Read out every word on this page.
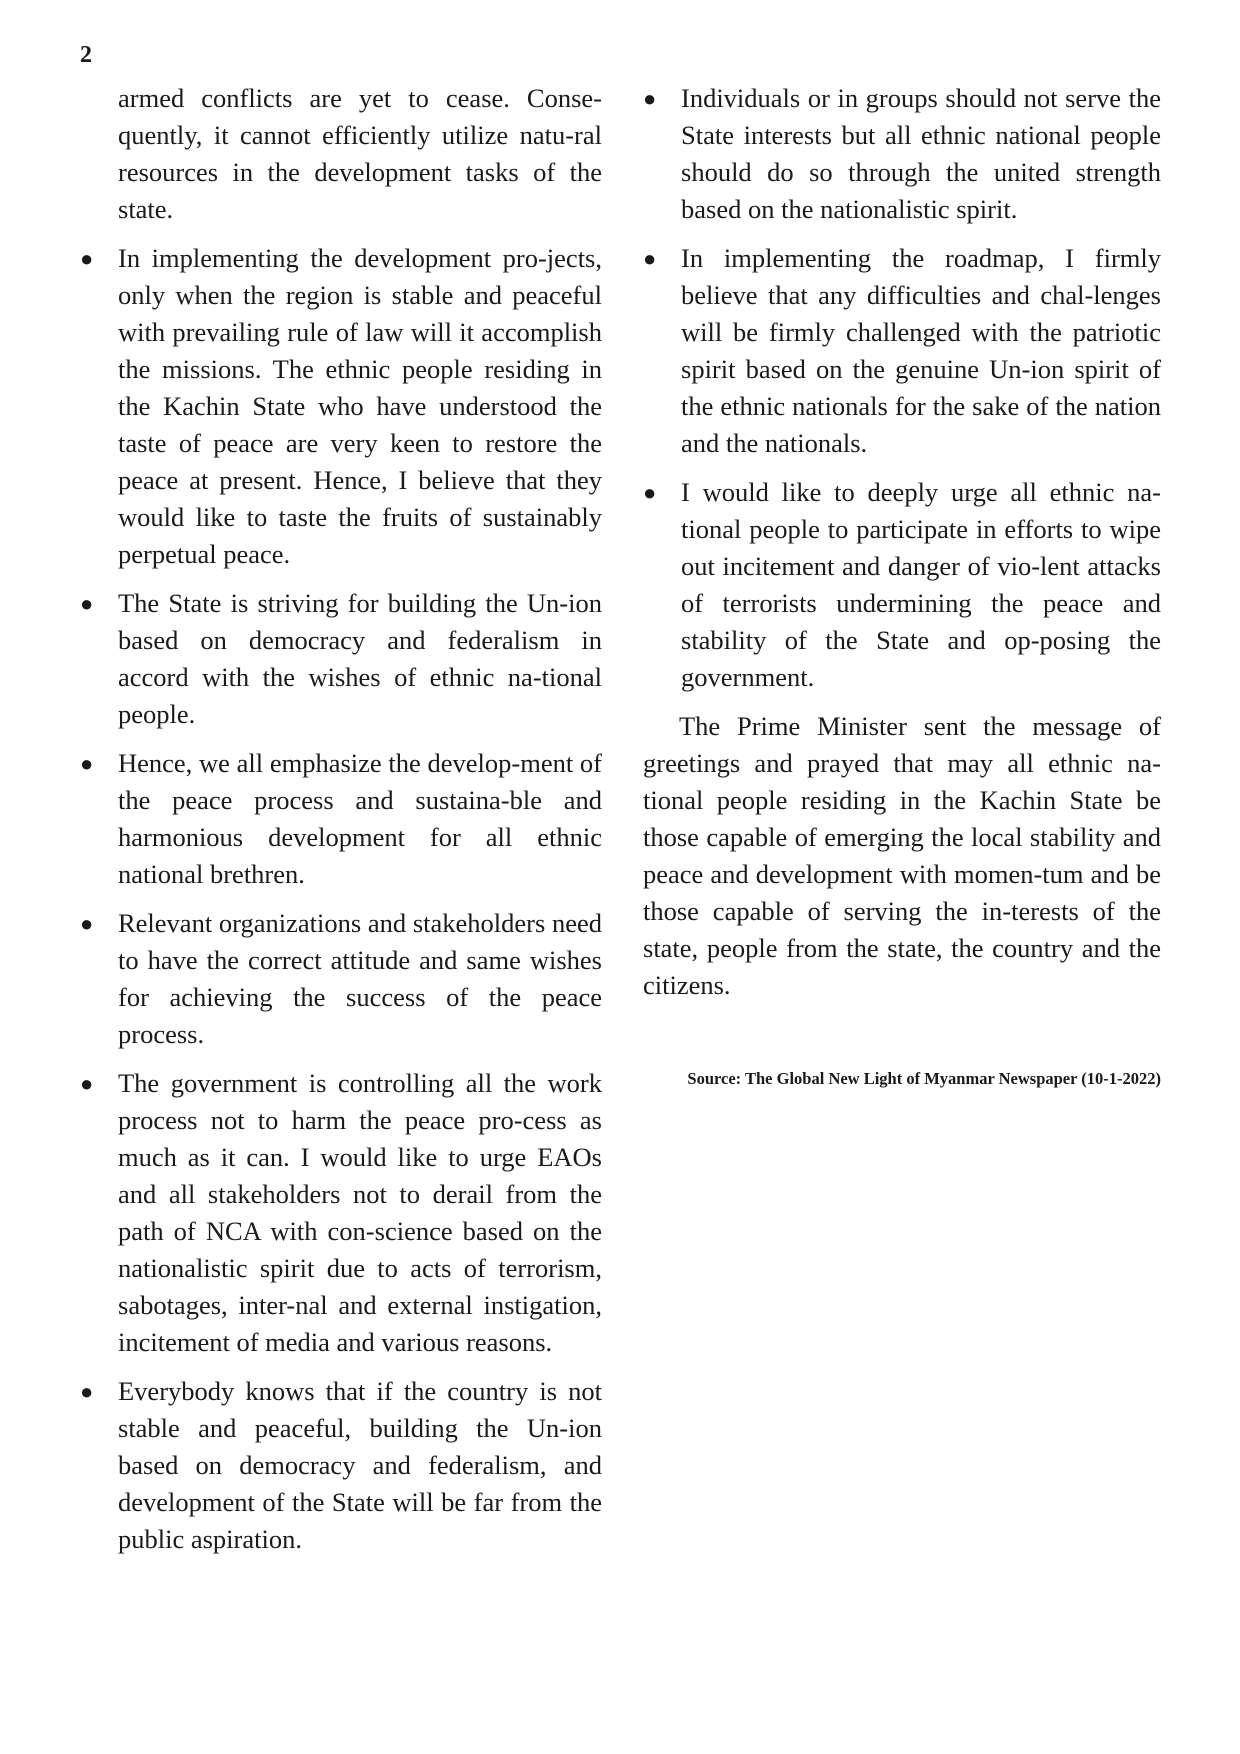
2

armed conflicts are yet to cease. Conse-quently, it cannot efficiently utilize natu-ral resources in the development tasks of the state.

● In implementing the development pro-jects, only when the region is stable and peaceful with prevailing rule of law will it accomplish the missions. The ethnic people residing in the Kachin State who have understood the taste of peace are very keen to restore the peace at present. Hence, I believe that they would like to taste the fruits of sustainably perpetual peace.
● The State is striving for building the Un-ion based on democracy and federalism in accord with the wishes of ethnic na-tional people.
● Hence, we all emphasize the develop-ment of the peace process and sustaina-ble and harmonious development for all ethnic national brethren.
● Relevant organizations and stakeholders need to have the correct attitude and same wishes for achieving the success of the peace process.
● The government is controlling all the work process not to harm the peace pro-cess as much as it can. I would like to urge EAOs and all stakeholders not to derail from the path of NCA with con-science based on the nationalistic spirit due to acts of terrorism, sabotages, inter-nal and external instigation, incitement of media and various reasons.
● Everybody knows that if the country is not stable and peaceful, building the Un-ion based on democracy and federalism, and development of the State will be far from the public aspiration.
● Individuals or in groups should not serve the State interests but all ethnic national people should do so through the united strength based on the nationalistic spirit.
● In implementing the roadmap, I firmly believe that any difficulties and chal-lenges will be firmly challenged with the patriotic spirit based on the genuine Un-ion spirit of the ethnic nationals for the sake of the nation and the nationals.
● I would like to deeply urge all ethnic na-tional people to participate in efforts to wipe out incitement and danger of vio-lent attacks of terrorists undermining the peace and stability of the State and op-posing the government.

The Prime Minister sent the message of greetings and prayed that may all ethnic na-tional people residing in the Kachin State be those capable of emerging the local stability and peace and development with momen-tum and be those capable of serving the in-terests of the state, people from the state, the country and the citizens.

Source: The Global New Light of Myanmar Newspaper (10-1-2022)
